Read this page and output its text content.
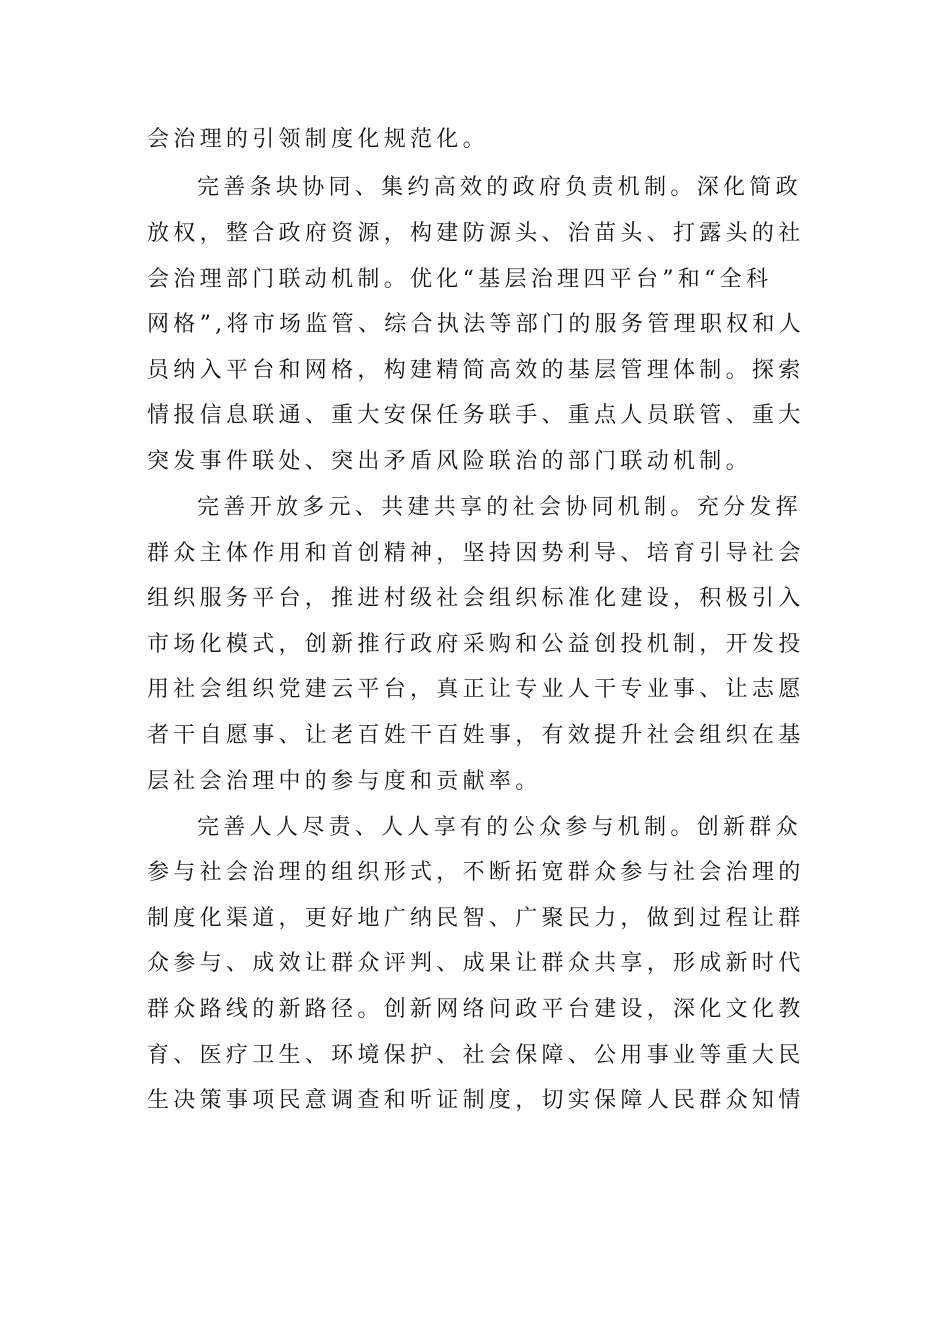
会治理的引领制度化规范化。
完善条块协同、集约高效的政府负责机制。深化简政
放权，整合政府资源，构建防源头、治苗头、打露头的社
会治理部门联动机制。优化“基层治理四平台”和“全科
网格”,将市场监管、综合执法等部门的服务管理职权和人
员纳入平台和网格，构建精简高效的基层管理体制。探索
情报信息联通、重大安保任务联手、重点人员联管、重大
突发事件联处、突出矛盾风险联治的部门联动机制。
完善开放多元、共建共享的社会协同机制。充分发挥
群众主体作用和首创精神，坚持因势利导、培育引导社会
组织服务平台，推进村级社会组织标准化建设，积极引入
市场化模式，创新推行政府采购和公益创投机制，开发投
用社会组织党建云平台，真正让专业人干专业事、让志愿
者干自愿事、让老百姓干百姓事，有效提升社会组织在基
层社会治理中的参与度和贡献率。
完善人人尽责、人人享有的公众参与机制。创新群众
参与社会治理的组织形式，不断拓宽群众参与社会治理的
制度化渠道，更好地广纳民智、广聚民力，做到过程让群
众参与、成效让群众评判、成果让群众共享，形成新时代
群众路线的新路径。创新网络问政平台建设，深化文化教
育、医疗卫生、环境保护、社会保障、公用事业等重大民
生决策事项民意调查和听证制度，切实保障人民群众知情
